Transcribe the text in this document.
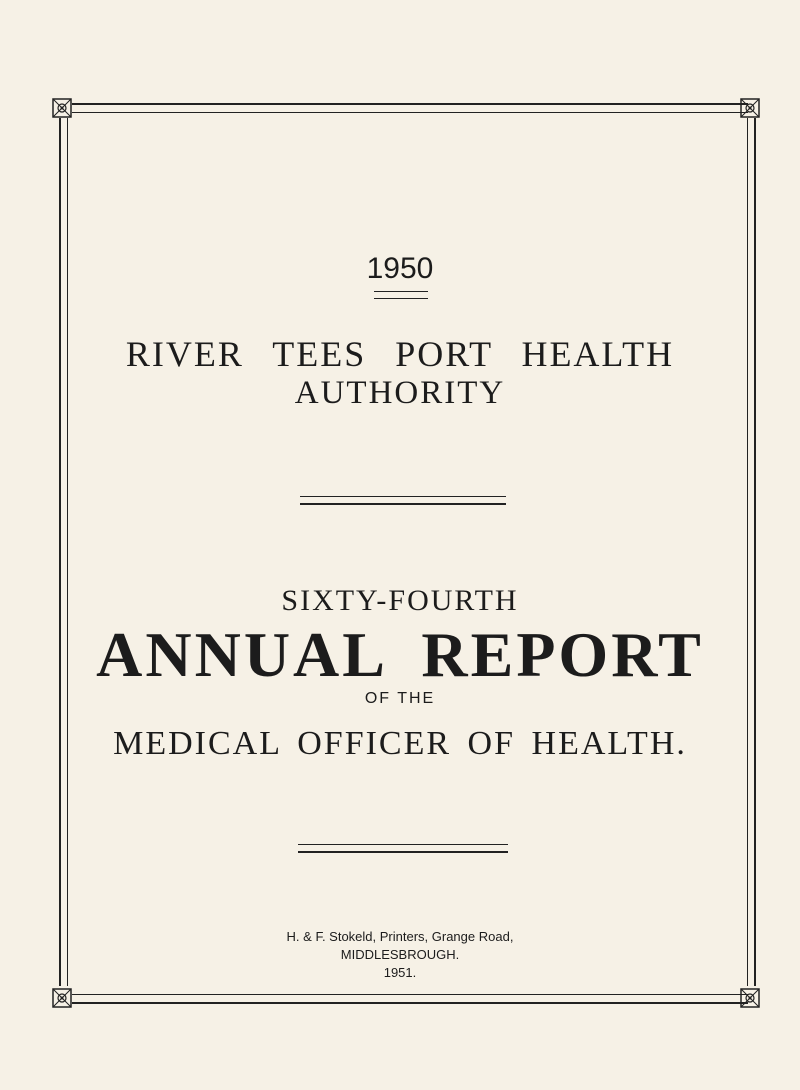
1950
RIVER TEES PORT HEALTH
AUTHORITY
SIXTY-FOURTH
ANNUAL REPORT
OF THE
MEDICAL OFFICER OF HEALTH.
H. & F. Stokeld, Printers, Grange Road,
MIDDLESBROUGH.
1951.
